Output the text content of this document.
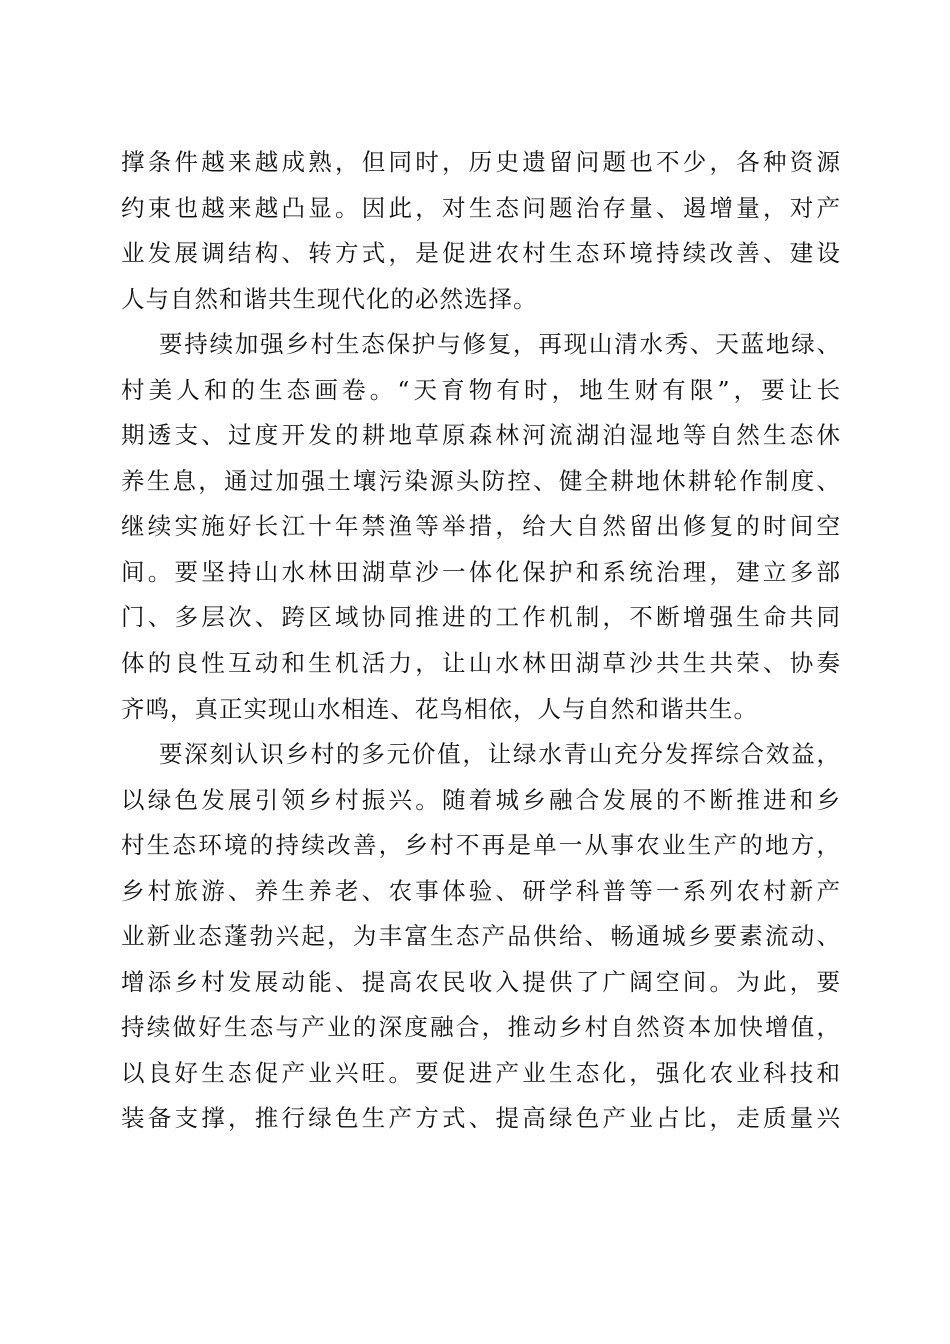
撑条件越来越成熟，但同时，历史遗留问题也不少，各种资源
约束也越来越凸显。因此，对生态问题治存量、遏增量，对产
业发展调结构、转方式，是促进农村生态环境持续改善、建设
人与自然和谐共生现代化的必然选择。
要持续加强乡村生态保护与修复，再现山清水秀、天蓝地绿、
村美人和的生态画卷。“天育物有时，地生财有限”，要让长
期透支、过度开发的耕地草原森林河流湖泊湿地等自然生态休
养生息，通过加强土壤污染源头防控、健全耕地休耕轮作制度、
继续实施好长江十年禁渔等举措，给大自然留出修复的时间空
间。要坚持山水林田湖草沙一体化保护和系统治理，建立多部
门、多层次、跨区域协同推进的工作机制，不断增强生命共同
体的良性互动和生机活力，让山水林田湖草沙共生共荣、协奏
齐鸣，真正实现山水相连、花鸟相依，人与自然和谐共生。
要深刻认识乡村的多元价值，让绿水青山充分发挥综合效益，
以绿色发展引领乡村振兴。随着城乡融合发展的不断推进和乡
村生态环境的持续改善，乡村不再是单一从事农业生产的地方，
乡村旅游、养生养老、农事体验、研学科普等一系列农村新产
业新业态蓬勃兴起，为丰富生态产品供给、畅通城乡要素流动、
增添乡村发展动能、提高农民收入提供了广阔空间。为此，要
持续做好生态与产业的深度融合，推动乡村自然资本加快增值，
以良好生态促产业兴旺。要促进产业生态化，强化农业科技和
装备支撑，推行绿色生产方式、提高绿色产业占比，走质量兴
